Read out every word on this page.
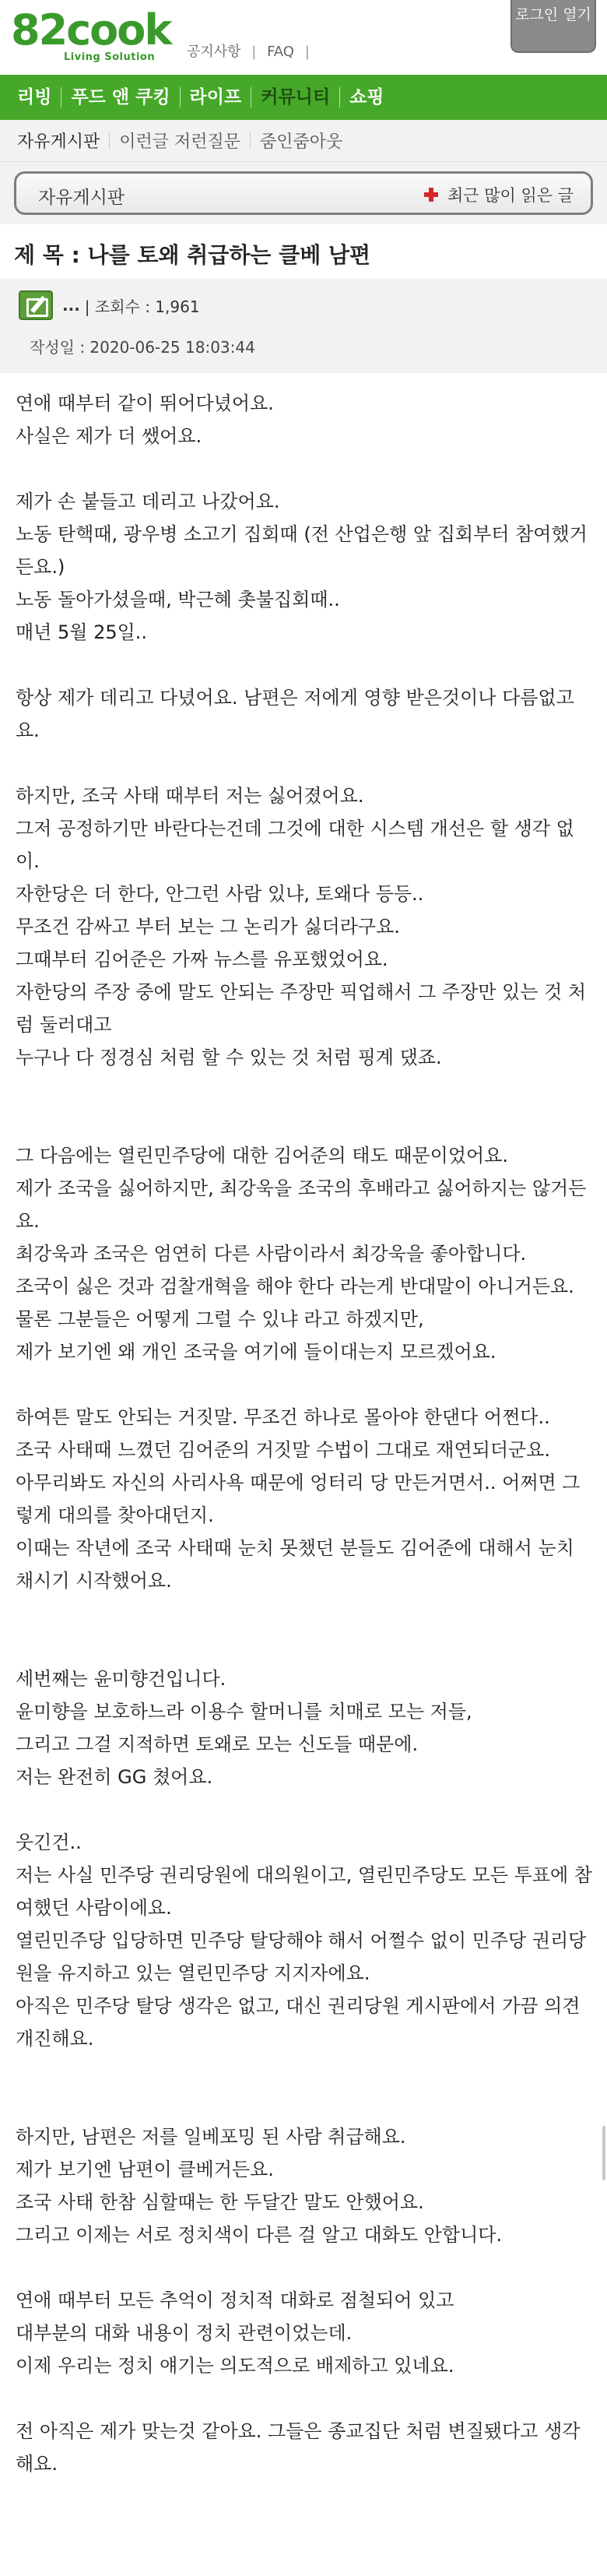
82cook
Living Solution 공지사항 | FAQ |
로그인 열기
리빙	푸드 앤 쿠킹	라이프	커뮤니티	쇼핑
자유게시판	이런글 저런질문	줌인줌아웃
자유게시판	최근 많이 읽은 글
제 목 : 나를 토왜 취급하는 클베 남편
... | 조회수 : 1,961
작성일 : 2020-06-25 18:03:44

연애 때부터 같이 뛰어다녔어요.

사실은 제가 더 쌨어요.

제가 손 붙들고 데리고 나갔어요.

노동 탄핵때, 광우병 소고기 집회때 (전 산업은행 앞 집회부터 참여했거든요.)

노동 돌아가셨을때, 박근혜 촛불집회때..

매년 5월 25일..

항상 제가 데리고 다녔어요. 남편은 저에게 영향 받은것이나 다름없고요.

하지만, 조국 사태 때부터 저는 싫어졌어요.

그저 공정하기만 바란다는건데 그것에 대한 시스템 개선은 할 생각 없이.

자한당은 더 한다, 안그런 사람 있냐, 토왜다 등등..

무조건 감싸고 부터 보는 그 논리가 싫더라구요.

그때부터 김어준은 가짜 뉴스를 유포했었어요.

자한당의 주장 중에 말도 안되는 주장만 픽업해서 그 주장만 있는 것 처럼 둘러대고

누구나 다 정경심 처럼 할 수 있는 것 처럼 핑계 댔죠.

그 다음에는 열린민주당에 대한 김어준의 태도 때문이었어요.

제가 조국을 싫어하지만, 최강욱을 조국의 후배라고 싫어하지는 않거든요.

최강욱과 조국은 엄연히 다른 사람이라서 최강욱을 좋아합니다.

조국이 싫은 것과 검찰개혁을 해야 한다 라는게 반대말이 아니거든요.

물론 그분들은 어떻게 그럴 수 있냐 라고 하겠지만,

제가 보기엔 왜 개인 조국을 여기에 들이대는지 모르겠어요.

하여튼 말도 안되는 거짓말. 무조건 하나로 몰아야 한댄다 어쩐다..

조국 사태때 느꼈던 김어준의 거짓말 수법이 그대로 재연되더군요.

아무리봐도 자신의 사리사욕 때문에 엉터리 당 만든거면서.. 어쩌면 그렇게 대의를 찾아대던지.

이때는 작년에 조국 사태때 눈치 못챘던 분들도 김어준에 대해서 눈치 채시기 시작했어요.

세번째는 윤미향건입니다.

윤미향을 보호하느라 이용수 할머니를 치매로 모는 저들,

그리고 그걸 지적하면 토왜로 모는 신도들 때문에.

저는 완전히 GG 쳤어요.

웃긴건..

저는 사실 민주당 권리당원에 대의원이고, 열린민주당도 모든 투표에 참여했던 사람이에요.

열린민주당 입당하면 민주당 탈당해야 해서 어쩔수 없이 민주당 권리당원을 유지하고 있는 열린민주당 지지자에요.

아직은 민주당 탈당 생각은 없고, 대신 권리당원 게시판에서 가끔 의견 개진해요.

하지만, 남편은 저를 일베포밍 된 사람 취급해요.

제가 보기엔 남편이 클베거든요.

조국 사태 한참 심할때는 한 두달간 말도 안했어요.

그리고 이제는 서로 정치색이 다른 걸 알고 대화도 안합니다.

연애 때부터 모든 추억이 정치적 대화로 점철되어 있고

대부분의 대화 내용이 정치 관련이었는데.

이제 우리는 정치 얘기는 의도적으로 배제하고 있네요.

전 아직은 제가 맞는것 같아요. 그들은 종교집단 처럼 변질됐다고 생각해요.
